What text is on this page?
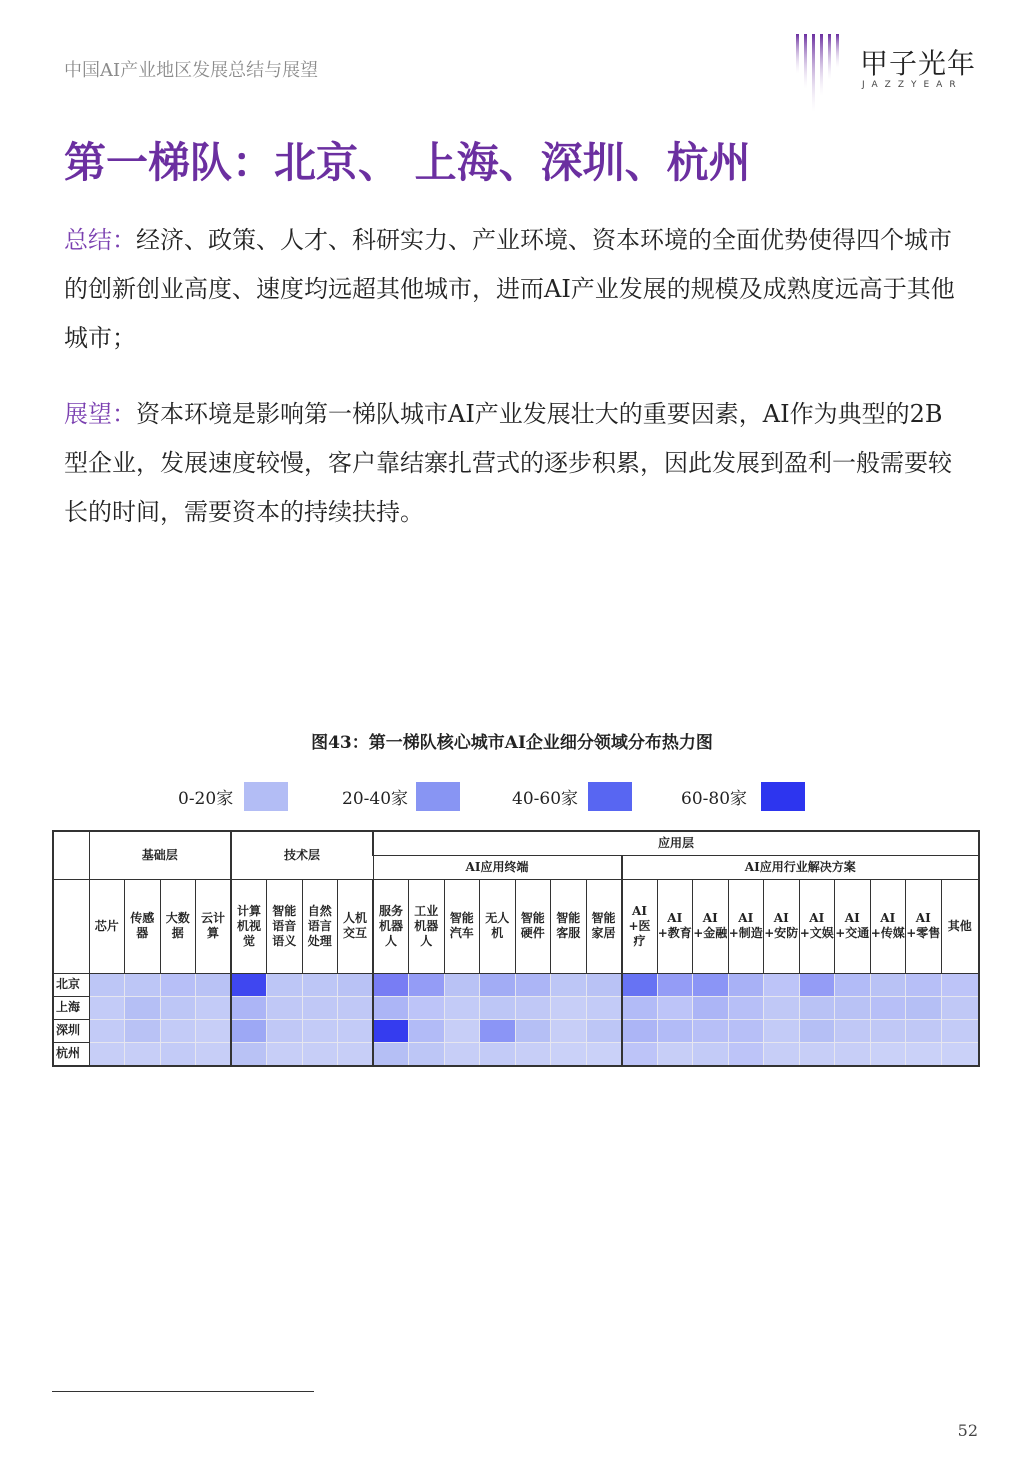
中国AI产业地区发展总结与展望	甲子光年
JAZZYEAR
第一梯队：北京、 上海、深圳、杭州
总结：经济、政策、人才、科研实力、产业环境、资本环境的全面优势使得四个城市的创新创业高度、速度均远超其他城市，进而AI产业发展的规模及成熟度远高于其他城市；
展望：资本环境是影响第一梯队城市AI产业发展壮大的重要因素，AI作为典型的2B型企业，发展速度较慢，客户靠结寨扎营式的逐步积累，因此发展到盈利一般需要较长的时间，需要资本的持续扶持。
图43：第一梯队核心城市AI企业细分领域分布热力图
0-20家	20-40家	40-60家	60-80家
	基础层				技术层				应用层																
									AI应用终端							AI应用行业解决方案									
	芯片	传感器	大数据	云计算	计算机视觉	智能语音语义	自然语言处理	人机交互	服务机器人	工业机器人	智能汽车	无人机	智能硬件	智能客服	智能家居	AI+医疗	AI+教育	AI+金融	AI+制造	AI+安防	AI+文娱	AI+交通	AI+传媒	AI+零售	其他
北京																									
上海																									
深圳																									
杭州																									
52
